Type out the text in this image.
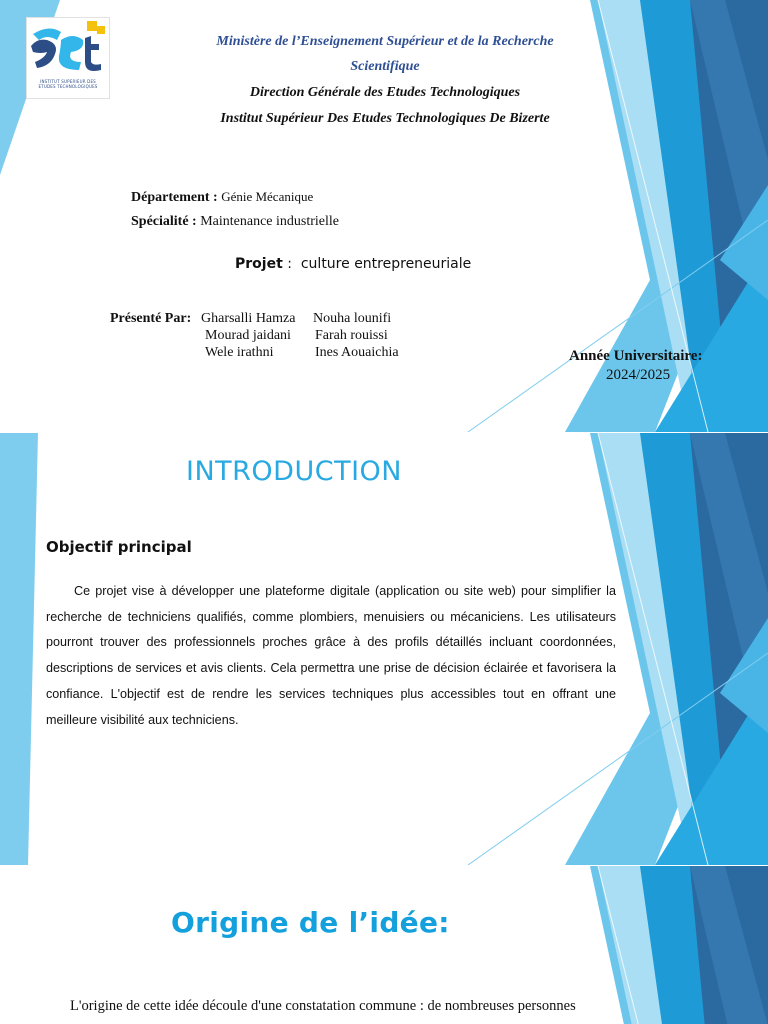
INSTITUT SUPERIEUR DES ETUDES TECHNOLOGIQUES
Ministère de l’Enseignement Supérieur et de la Recherche
Scientifique
Direction Générale des Etudes Technologiques
Institut Supérieur Des Etudes Technologiques De Bizerte
Département : Génie Mécanique
Spécialité : Maintenance industrielle
Projet : culture entrepreneuriale
Présenté Par: Gharsalli Hamza Nouha lounifi
Mourad jaidani Farah rouissi
Wele irathni	Ines Aouaichia	Année Universitaire:
2024/2025
INTRODUCTION
Objectif principal
Ce projet vise à développer une plateforme digitale (application ou site web) pour simplifier la recherche de techniciens qualifiés, comme plombiers, menuisiers ou mécaniciens. Les utilisateurs pourront trouver des professionnels proches grâce à des profils détaillés incluant coordonnées, descriptions de services et avis clients. Cela permettra une prise de décision éclairée et favorisera la confiance. L'objectif est de rendre les services techniques plus accessibles tout en offrant une meilleure visibilité aux techniciens.
Origine de l’idée:
L'origine de cette idée découle d'une constatation commune : de nombreuses personnes
